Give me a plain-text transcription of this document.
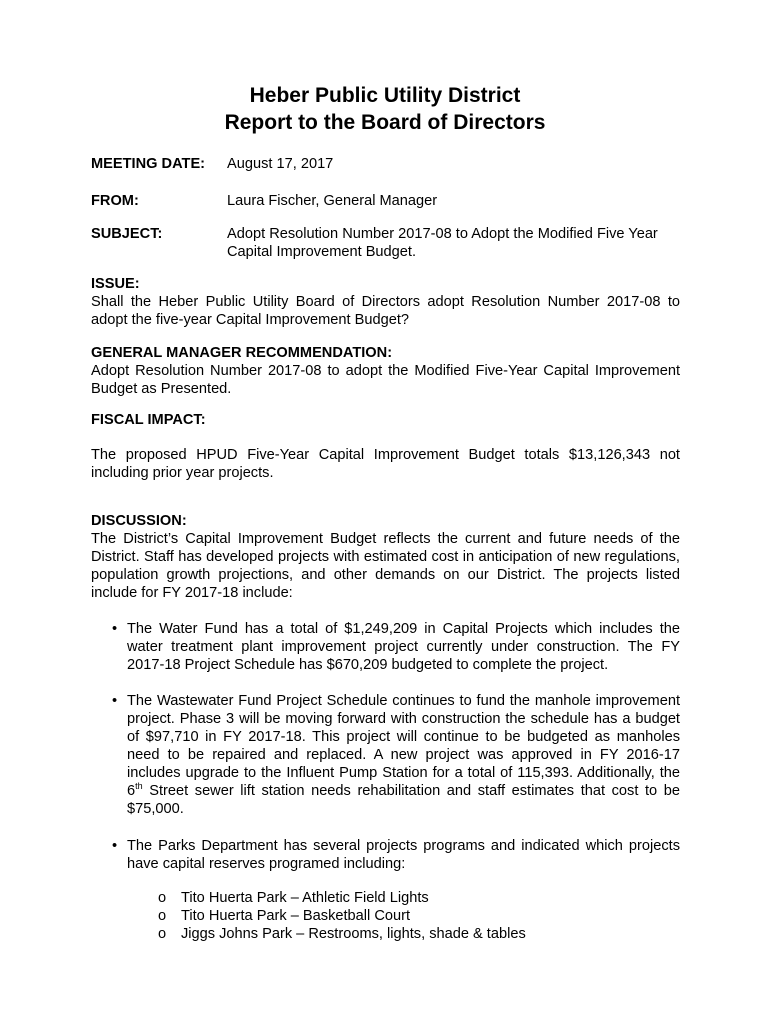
Heber Public Utility District
Report to the Board of Directors
MEETING DATE: August 17, 2017
FROM:	Laura Fischer, General Manager
SUBJECT:	Adopt Resolution Number 2017-08 to Adopt the Modified Five Year Capital Improvement Budget.
ISSUE:
Shall the Heber Public Utility Board of Directors adopt Resolution Number 2017-08 to adopt the five-year Capital Improvement Budget?
GENERAL MANAGER RECOMMENDATION:
Adopt Resolution Number 2017-08 to adopt the Modified Five-Year Capital Improvement Budget as Presented.
FISCAL IMPACT:
The proposed HPUD Five-Year Capital Improvement Budget totals $13,126,343 not including prior year projects.
DISCUSSION:
The District’s Capital Improvement Budget reflects the current and future needs of the District. Staff has developed projects with estimated cost in anticipation of new regulations, population growth projections, and other demands on our District. The projects listed include for FY 2017-18 include:
• The Water Fund has a total of $1,249,209 in Capital Projects which includes the water treatment plant improvement project currently under construction. The FY 2017-18 Project Schedule has $670,209 budgeted to complete the project.
• The Wastewater Fund Project Schedule continues to fund the manhole improvement project. Phase 3 will be moving forward with construction the schedule has a budget of $97,710 in FY 2017-18. This project will continue to be budgeted as manholes need to be repaired and replaced. A new project was approved in FY 2016-17 includes upgrade to the Influent Pump Station for a total of 115,393. Additionally, the 6th Street sewer lift station needs rehabilitation and staff estimates that cost to be $75,000.
• The Parks Department has several projects programs and indicated which projects have capital reserves programed including:
o Tito Huerta Park – Athletic Field Lights
o Tito Huerta Park – Basketball Court
o Jiggs Johns Park – Restrooms, lights, shade & tables
